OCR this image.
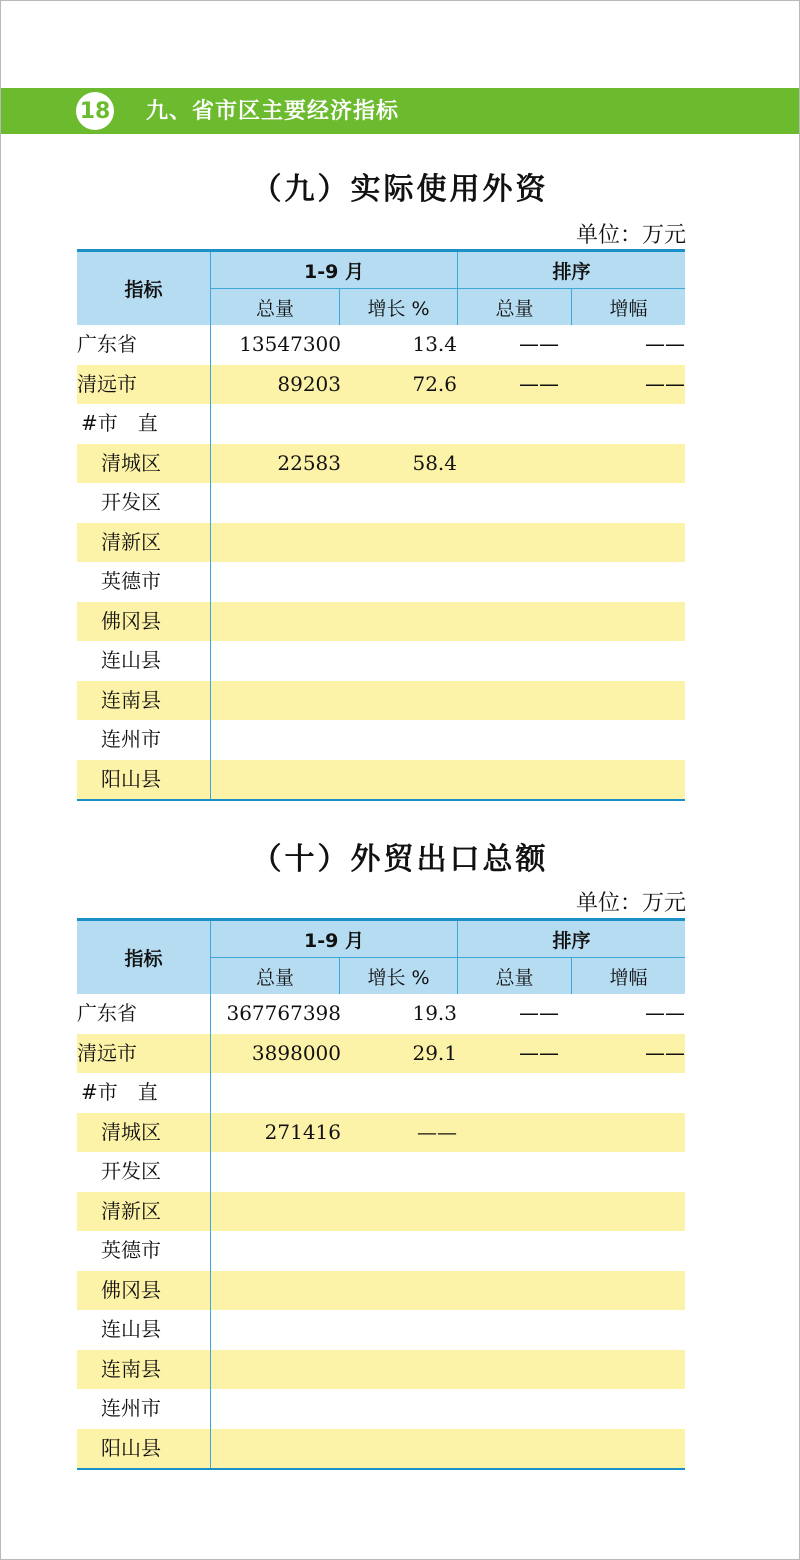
18 九、省市区主要经济指标
（九）实际使用外资
单位：万元
指标
1-9 月	排序
总量	增长 %	总量	增幅
广东省	13547300	13.4	——	——
清远市	89203	72.6	——	——
#市　直
清城区	22583	58.4
开发区
清新区
英德市
佛冈县
连山县
连南县
连州市
阳山县
（十）外贸出口总额
单位：万元
指标
1-9 月	排序
总量	增长 %	总量	增幅
广东省	367767398	19.3	——	——
清远市	3898000	29.1	——	——
#市　直
清城区	271416	——
开发区
清新区
英德市
佛冈县
连山县
连南县
连州市
阳山县
